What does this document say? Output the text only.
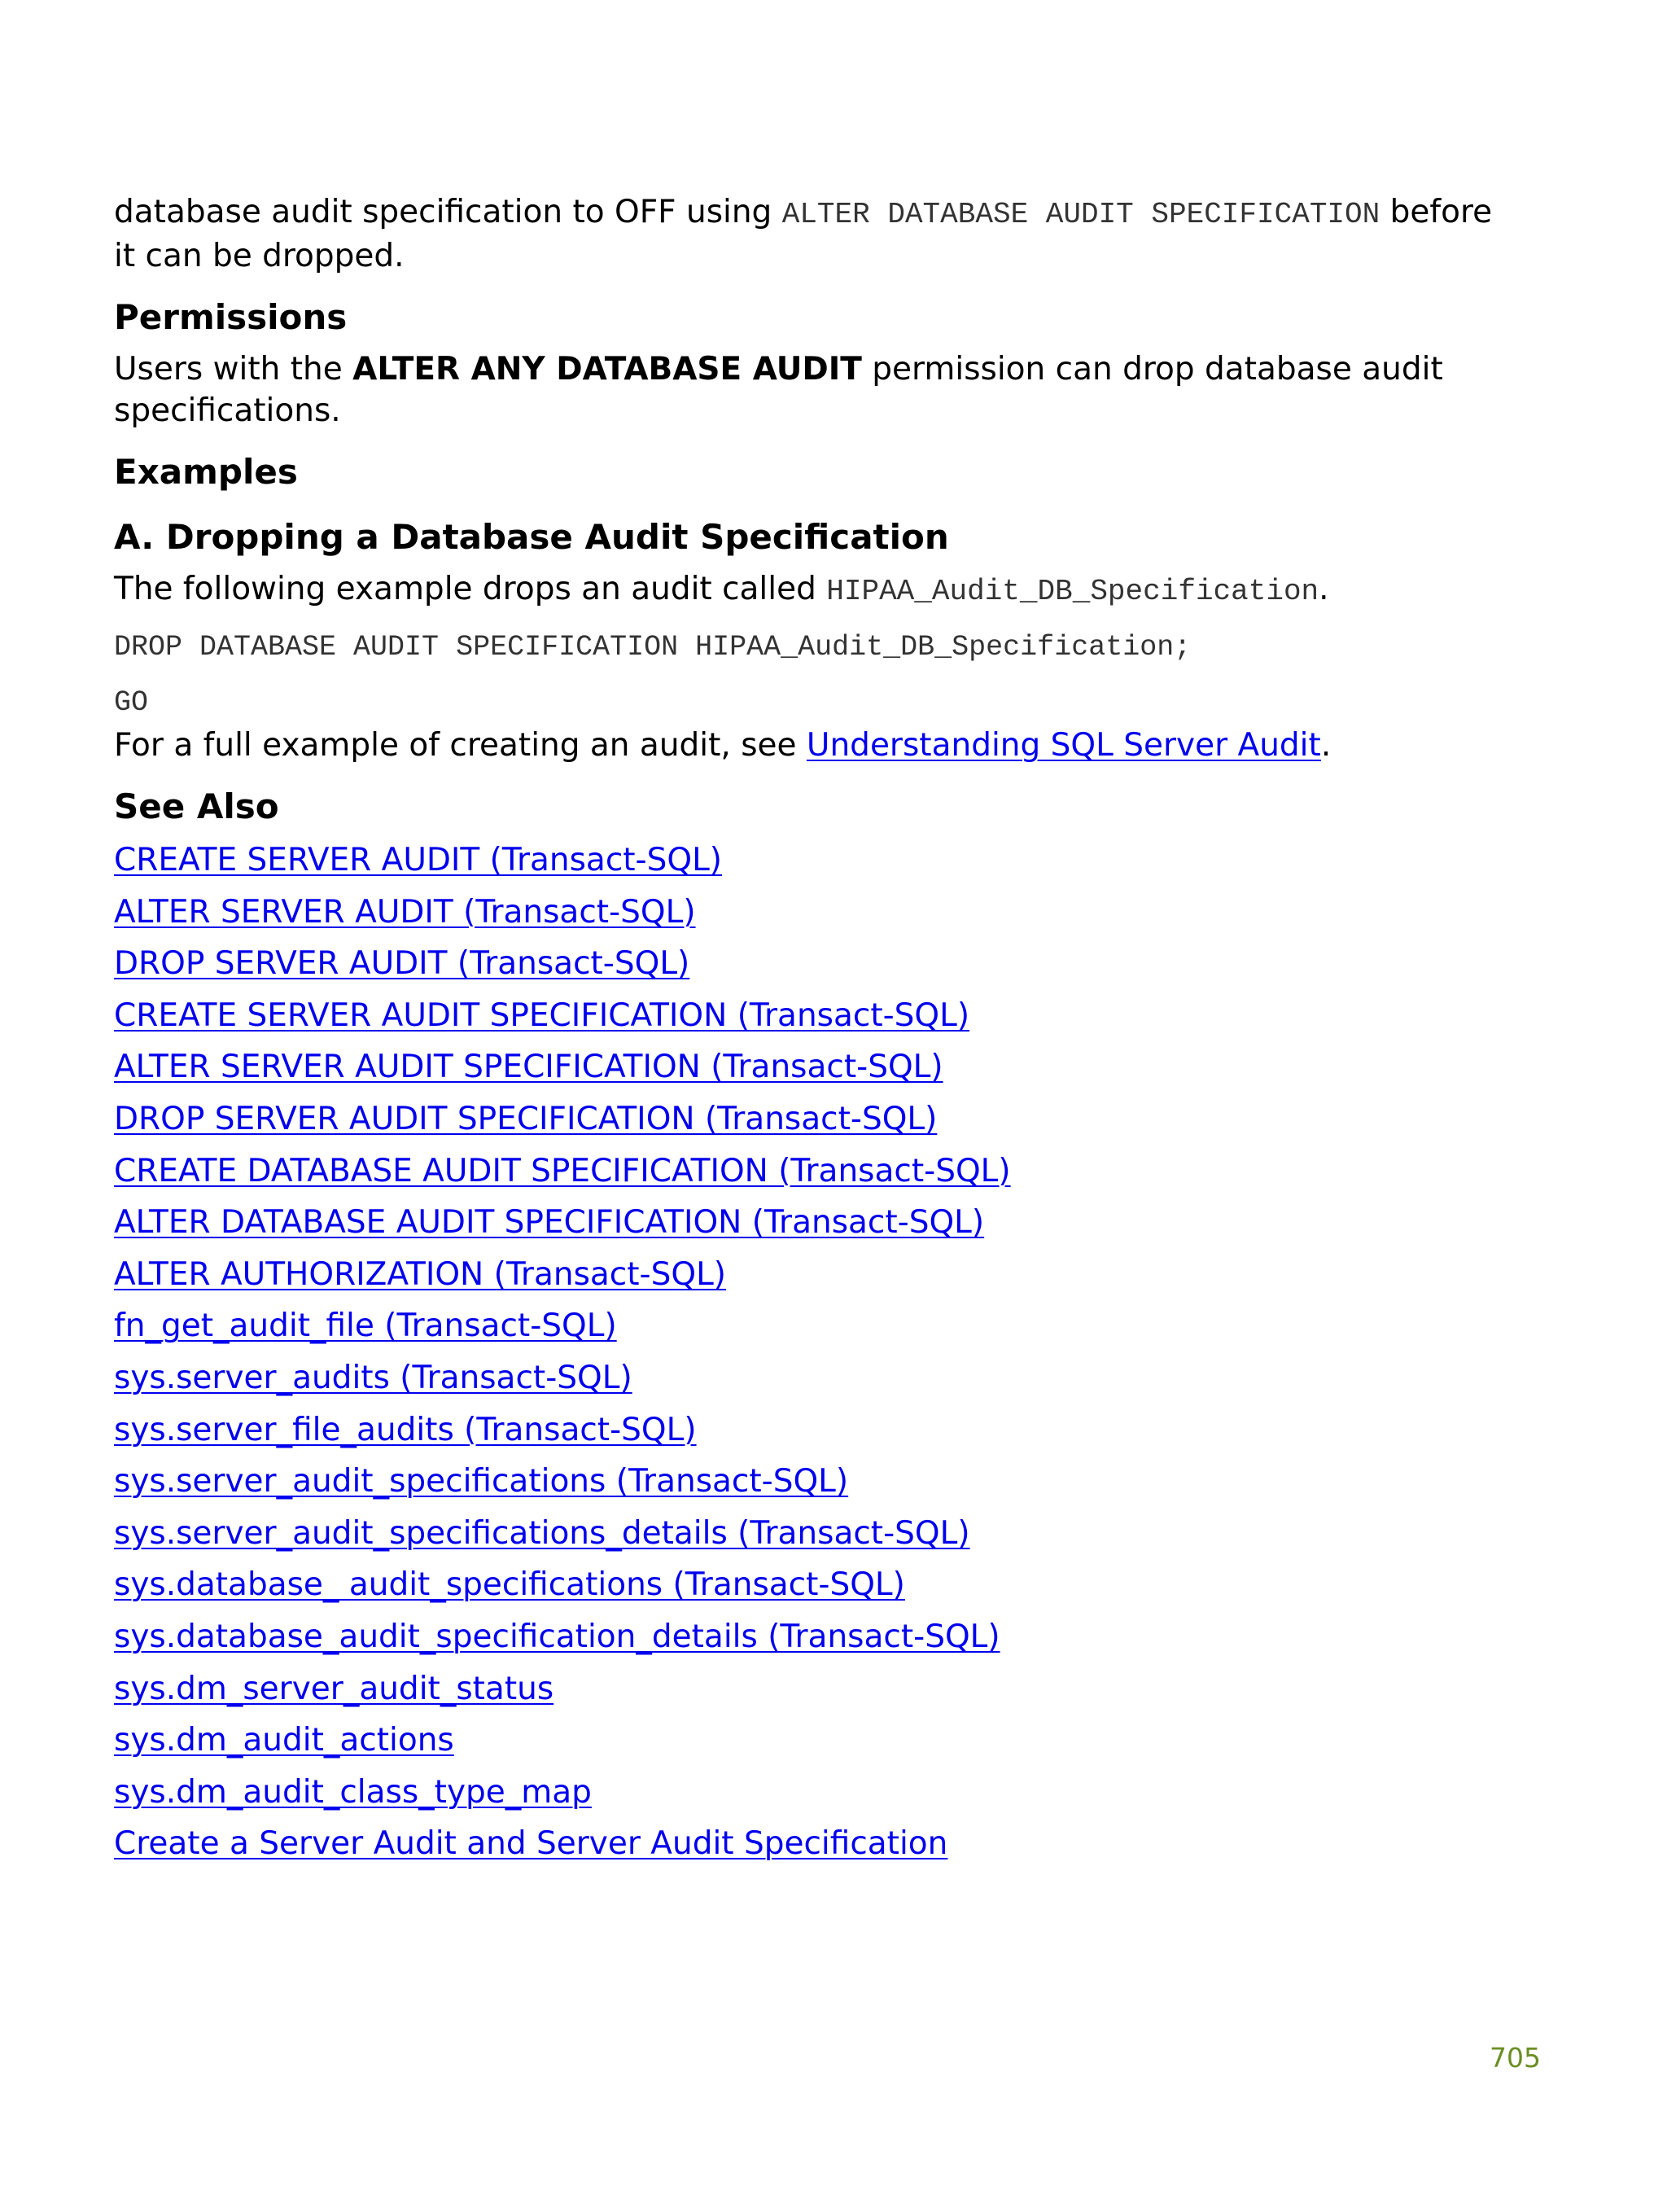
database audit specification to OFF using ALTER DATABASE AUDIT SPECIFICATION before it can be dropped.

Permissions

Users with the ALTER ANY DATABASE AUDIT permission can drop database audit specifications.

Examples
A. Dropping a Database Audit Specification

The following example drops an audit called HIPAA_Audit_DB_Specification.

DROP DATABASE AUDIT SPECIFICATION HIPAA_Audit_DB_Specification;

GO

For a full example of creating an audit, see Understanding SQL Server Audit.

See Also
CREATE SERVER AUDIT (Transact-SQL)
ALTER SERVER AUDIT (Transact-SQL)
DROP SERVER AUDIT (Transact-SQL)
CREATE SERVER AUDIT SPECIFICATION (Transact-SQL)
ALTER SERVER AUDIT SPECIFICATION (Transact-SQL)
DROP SERVER AUDIT SPECIFICATION (Transact-SQL)
CREATE DATABASE AUDIT SPECIFICATION (Transact-SQL)
ALTER DATABASE AUDIT SPECIFICATION (Transact-SQL)
ALTER AUTHORIZATION (Transact-SQL)
fn_get_audit_file (Transact-SQL)
sys.server_audits (Transact-SQL)
sys.server_file_audits (Transact-SQL)
sys.server_audit_specifications (Transact-SQL)
sys.server_audit_specifications_details (Transact-SQL)
sys.database_ audit_specifications (Transact-SQL)
sys.database_audit_specification_details (Transact-SQL)
sys.dm_server_audit_status
sys.dm_audit_actions
sys.dm_audit_class_type_map
Create a Server Audit and Server Audit Specification
705
